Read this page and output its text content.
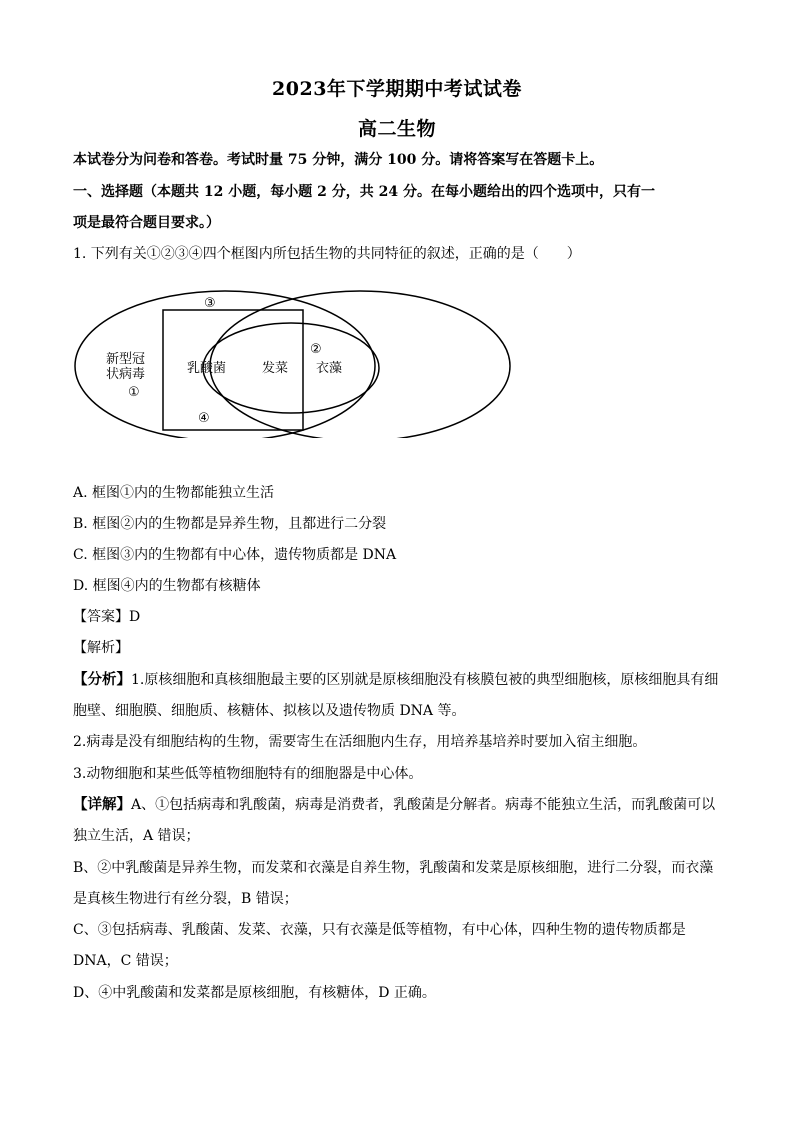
2023年下学期期中考试试卷
高二生物
本试卷分为问卷和答卷。考试时量 75 分钟，满分 100 分。请将答案写在答题卡上。
一、选择题（本题共 12 小题，每小题 2 分，共 24 分。在每小题给出的四个选项中，只有一
项是最符合题目要求。）
1. 下列有关①②③④四个框图内所包括生物的共同特征的叙述，正确的是（　　）
③
②
①
④
新型冠
状病毒	乳酸菌	发菜 衣藻
A. 框图①内的生物都能独立生活
B. 框图②内的生物都是异养生物，且都进行二分裂
C. 框图③内的生物都有中心体，遗传物质都是 DNA
D. 框图④内的生物都有核糖体
【答案】D
【解析】
【分析】1.原核细胞和真核细胞最主要的区别就是原核细胞没有核膜包被的典型细胞核，原核细胞具有细
胞壁、细胞膜、细胞质、核糖体、拟核以及遗传物质 DNA 等。
2.病毒是没有细胞结构的生物，需要寄生在活细胞内生存，用培养基培养时要加入宿主细胞。
3.动物细胞和某些低等植物细胞特有的细胞器是中心体。
【详解】A、①包括病毒和乳酸菌，病毒是消费者，乳酸菌是分解者。病毒不能独立生活，而乳酸菌可以
独立生活，A 错误；
B、②中乳酸菌是异养生物，而发菜和衣藻是自养生物，乳酸菌和发菜是原核细胞，进行二分裂，而衣藻
是真核生物进行有丝分裂，B 错误；
C、③包括病毒、乳酸菌、发菜、衣藻，只有衣藻是低等植物，有中心体，四种生物的遗传物质都是
DNA，C 错误；
D、④中乳酸菌和发菜都是原核细胞，有核糖体，D 正确。
